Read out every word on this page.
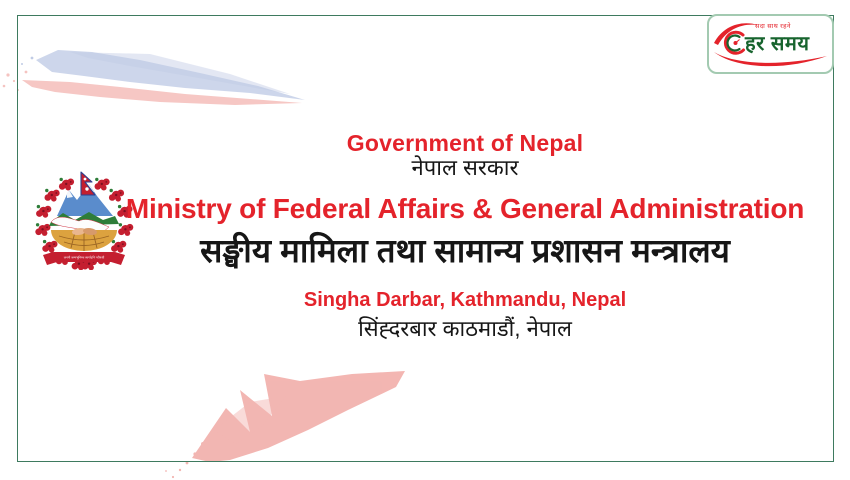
सदा साथ रहने
हर समय
जननी जन्मभूमिश्च स्वर्गादपि गरीयसी
Government of Nepal
नेपाल सरकार
Ministry of Federal Affairs & General Administration
सङ्घीय मामिला तथा सामान्य प्रशासन मन्त्रालय
Singha Darbar, Kathmandu, Nepal
सिंह्दरबार काठमाडौं, नेपाल
